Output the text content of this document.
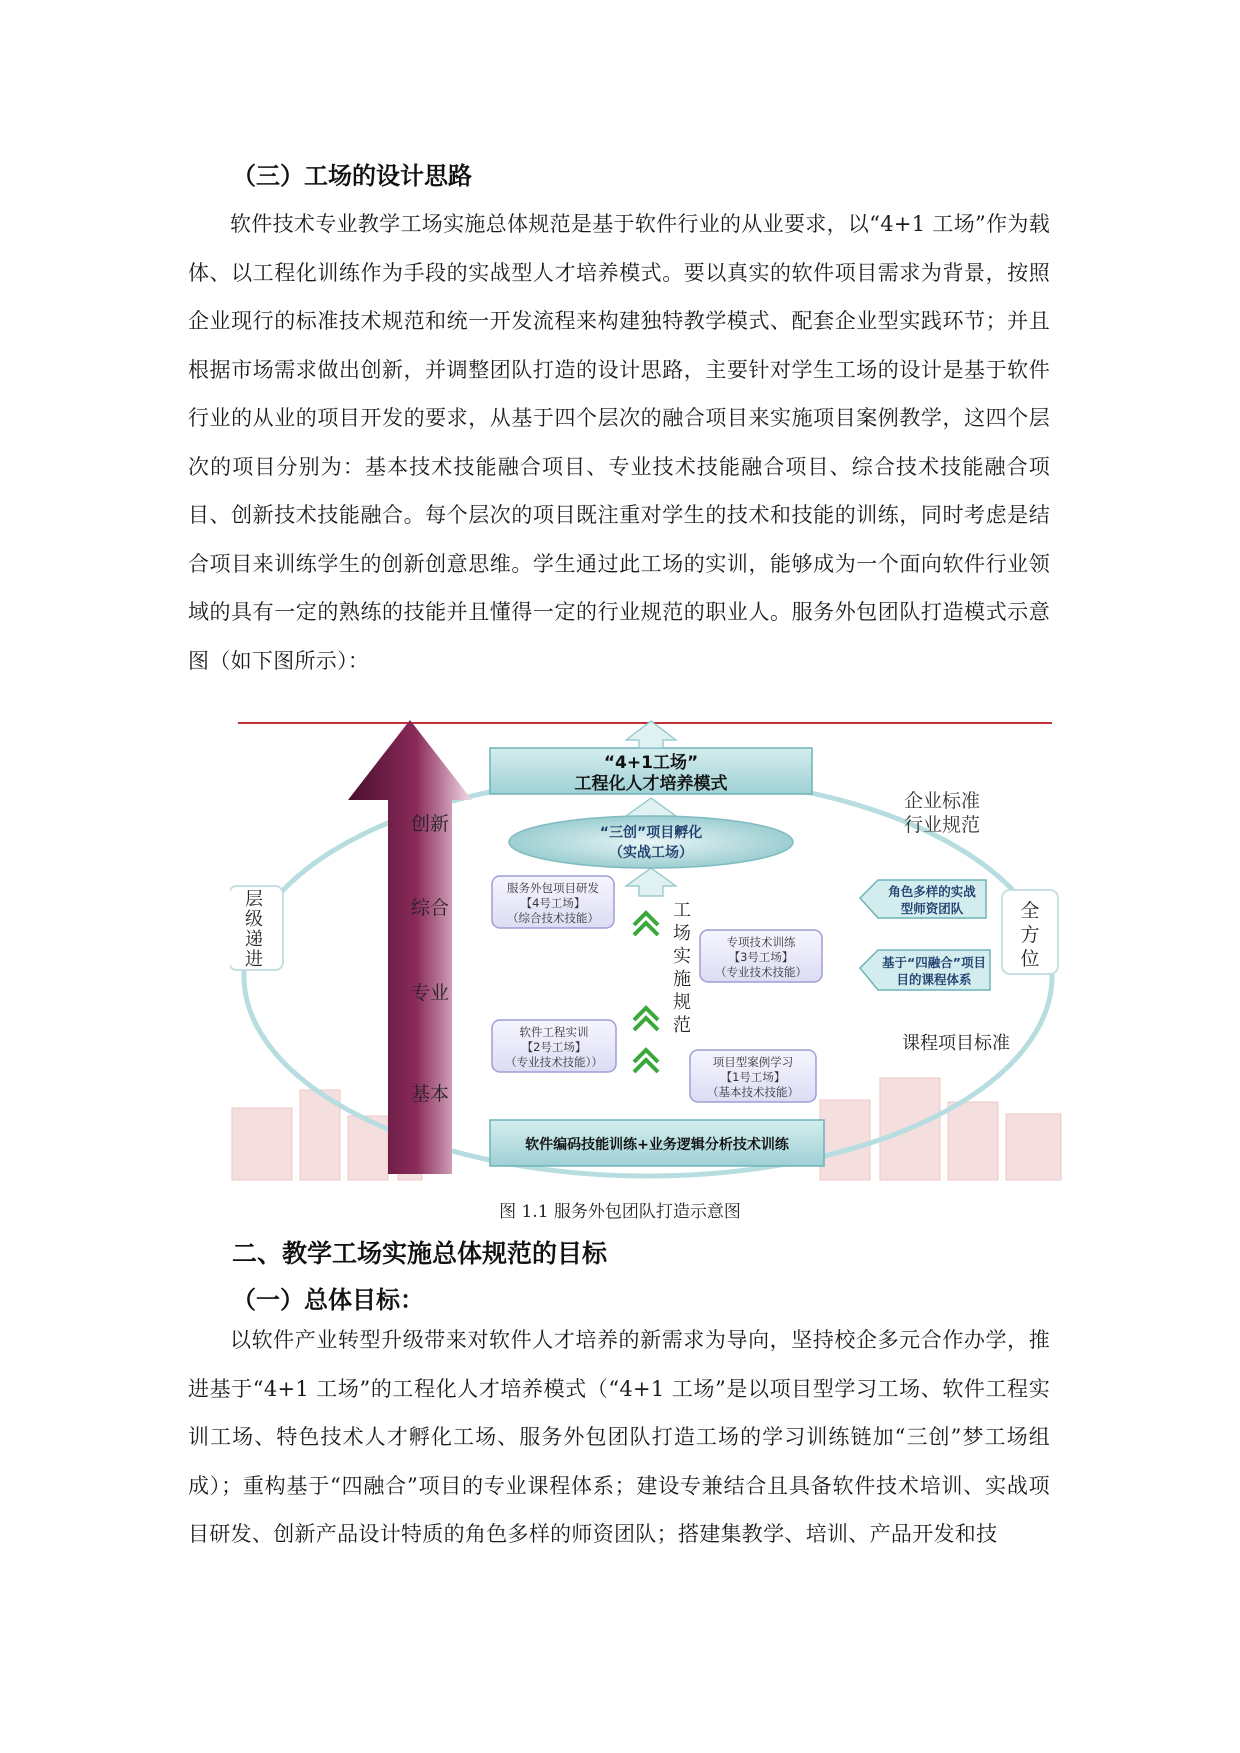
（三）工场的设计思路

软件技术专业教学工场实施总体规范是基于软件行业的从业要求，以“4+1 工场”作为载体、以工程化训练作为手段的实战型人才培养模式。要以真实的软件项目需求为背景，按照企业现行的标准技术规范和统一开发流程来构建独特教学模式、配套企业型实践环节；并且根据市场需求做出创新，并调整团队打造的设计思路，主要针对学生工场的设计是基于软件行业的从业的项目开发的要求，从基于四个层次的融合项目来实施项目案例教学，这四个层次的项目分别为：基本技术技能融合项目、专业技术技能融合项目、综合技术技能融合项目、创新技术技能融合。每个层次的项目既注重对学生的技术和技能的训练，同时考虑是结合项目来训练学生的创新创意思维。学生通过此工场的实训，能够成为一个面向软件行业领域的具有一定的熟练的技能并且懂得一定的行业规范的职业人。服务外包团队打造模式示意图（如下图所示）：

创新
综合
专业
基本
“4+1工场”
工程化人才培养模式
“三创”项目孵化
（实战工场）
企业标准
行业规范
层
级
递
进
全
方
位
工
场
实
施
规
范
服务外包项目研发
【4号工场】
（综合技术技能）
专项技术训练
【3号工场】
（专业技术技能）
软件工程实训
【2号工场】
（专业技术技能））	项目型案例学习
【1号工场】
（基本技术技能）
角色多样的实战
型师资团队
基于“四融合”项目
目的课程体系
课程项目标准
软件编码技能训练+业务逻辑分析技术训练
图 1.1 服务外包团队打造示意图
二、教学工场实施总体规范的目标
（一）总体目标：

以软件产业转型升级带来对软件人才培养的新需求为导向，坚持校企多元合作办学，推进基于“4+1 工场”的工程化人才培养模式（“4+1 工场”是以项目型学习工场、软件工程实训工场、特色技术人才孵化工场、服务外包团队打造工场的学习训练链加“三创”梦工场组成）；重构基于“四融合”项目的专业课程体系；建设专兼结合且具备软件技术培训、实战项目研发、创新产品设计特质的角色多样的师资团队；搭建集教学、培训、产品开发和技
